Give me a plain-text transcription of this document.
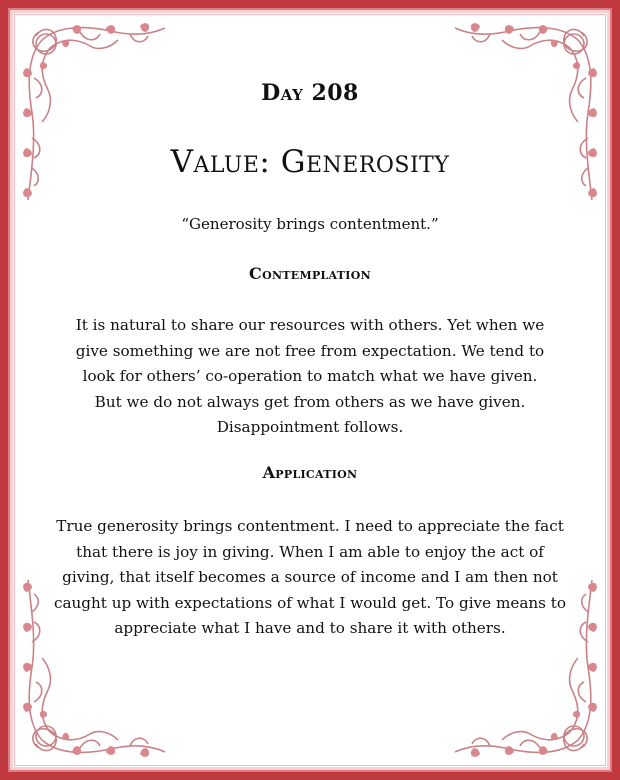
Day 208
Value: Generosity

“Generosity brings contentment.”

Contemplation

It is natural to share our resources with others. Yet when we give something we are not free from expectation. We tend to look for others’ co-operation to match what we have given. But we do not always get from others as we have given. Disappointment follows.

Application

True generosity brings contentment. I need to appreciate the fact that there is joy in giving. When I am able to enjoy the act of giving, that itself becomes a source of income and I am then not caught up with expectations of what I would get. To give means to appreciate what I have and to share it with others.
